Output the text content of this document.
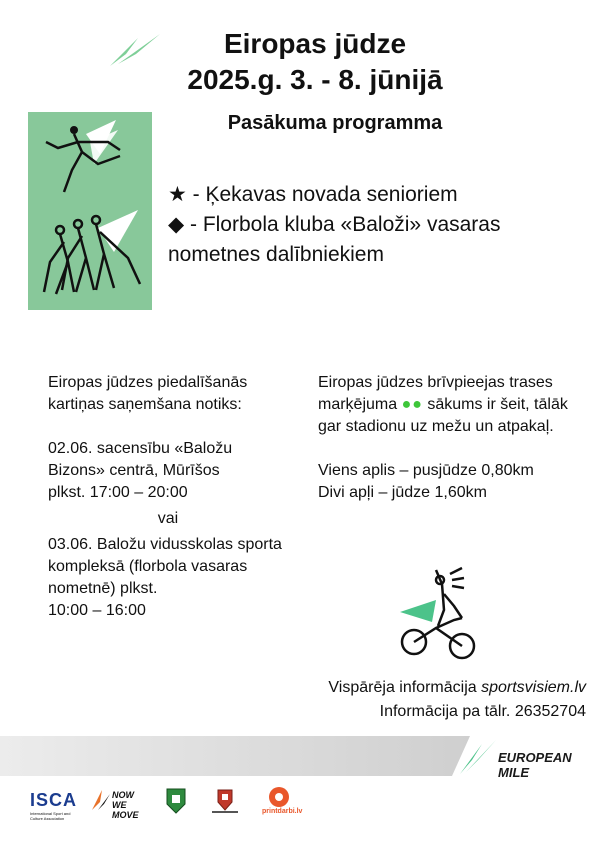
Eiropas jūdze
2025.g. 3. - 8. jūnijā
Pasākuma programma

★ - Ķekavas novada senioriem

◆ - Florbola kluba «Baloži» vasaras nometnes dalībniekiem

Eiropas jūdzes piedalīšanās kartiņas saņemšana notiks:

02.06. sacensību «Baložu Bizons» centrā, Mūrīšos

plkst. 17:00 – 20:00

vai

03.06. Baložu vidusskolas sporta kompleksā (florbola vasaras nometnē) plkst.

10:00 – 16:00

Eiropas jūdzes brīvpieejas trases marķējuma ●● sākums ir šeit, tālāk gar stadionu uz mežu un atpakaļ.

Viens aplis – pusjūdze 0,80km

Divi apļi – jūdze 1,60km

Vispārēja informācija sportsvisiem.lv
Informācija pa tālr. 26352704
EUROPEAN MILE
ISCA
International Sport and Culture Association
NOW
WE MOVE	printdarbi.lv
